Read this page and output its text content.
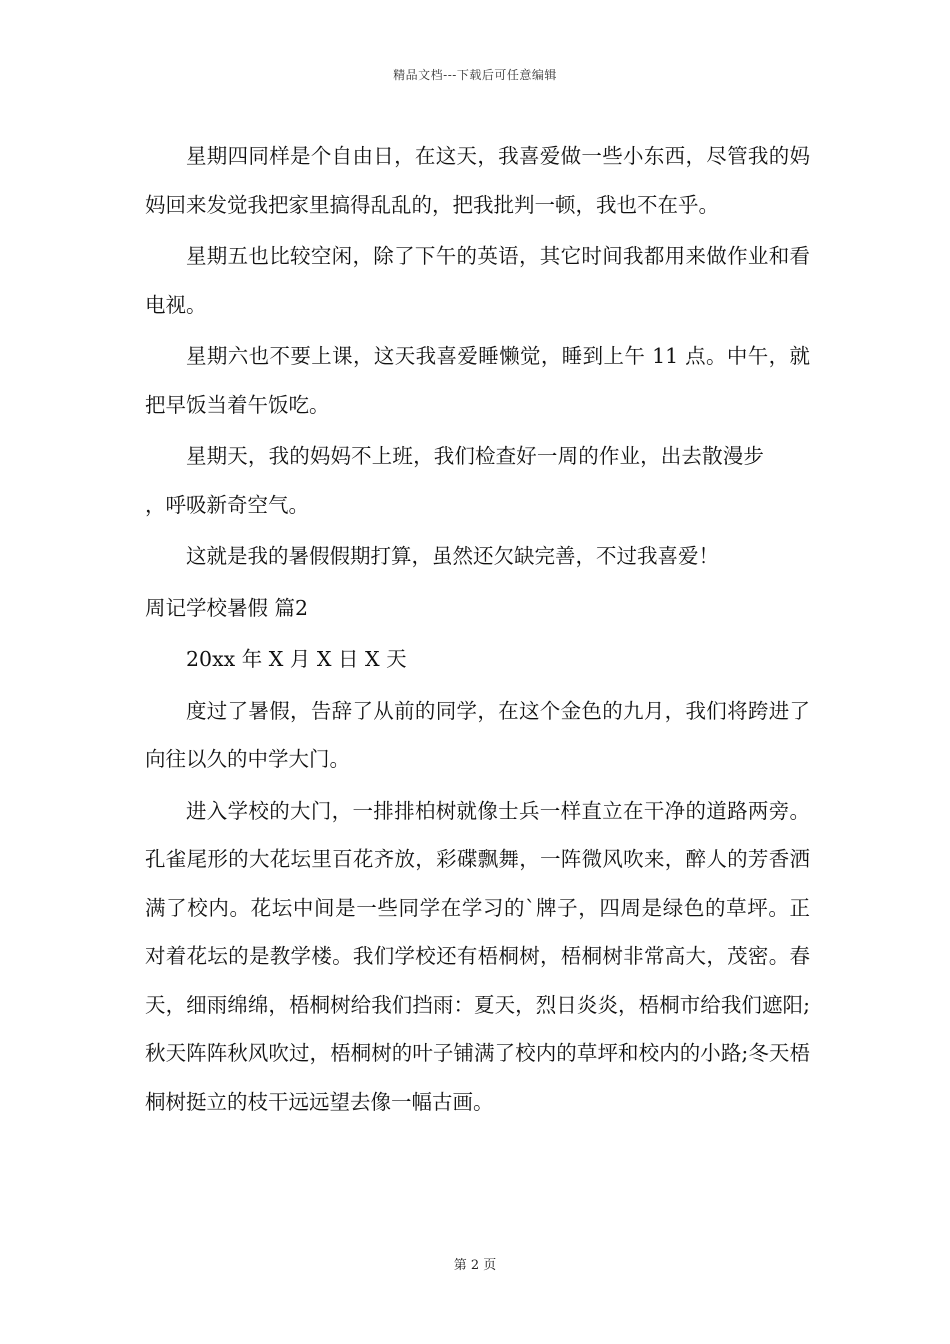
精品文档---下载后可任意编辑

星期四同样是个自由日，在这天，我喜爱做一些小东西，尽管我的妈妈回来发觉我把家里搞得乱乱的，把我批判一顿，我也不在乎。

星期五也比较空闲，除了下午的英语，其它时间我都用来做作业和看电视。

星期六也不要上课，这天我喜爱睡懒觉，睡到上午 11 点。中午，就把早饭当着午饭吃。

星期天，我的妈妈不上班，我们检查好一周的作业，出去散漫步，呼吸新奇空气。

这就是我的暑假假期打算，虽然还欠缺完善，不过我喜爱！

周记学校暑假 篇2

20xx 年 X 月 X 日 X 天

度过了暑假，告辞了从前的同学，在这个金色的九月，我们将跨进了向往以久的中学大门。

进入学校的大门，一排排柏树就像士兵一样直立在干净的道路两旁。孔雀尾形的大花坛里百花齐放，彩碟飘舞，一阵微风吹来，醉人的芳香洒满了校内。花坛中间是一些同学在学习的`牌子，四周是绿色的草坪。正对着花坛的是教学楼。我们学校还有梧桐树，梧桐树非常高大，茂密。春天，细雨绵绵，梧桐树给我们挡雨：夏天，烈日炎炎，梧桐市给我们遮阳;秋天阵阵秋风吹过，梧桐树的叶子铺满了校内的草坪和校内的小路;冬天梧桐树挺立的枝干远远望去像一幅古画。

第 2 页
